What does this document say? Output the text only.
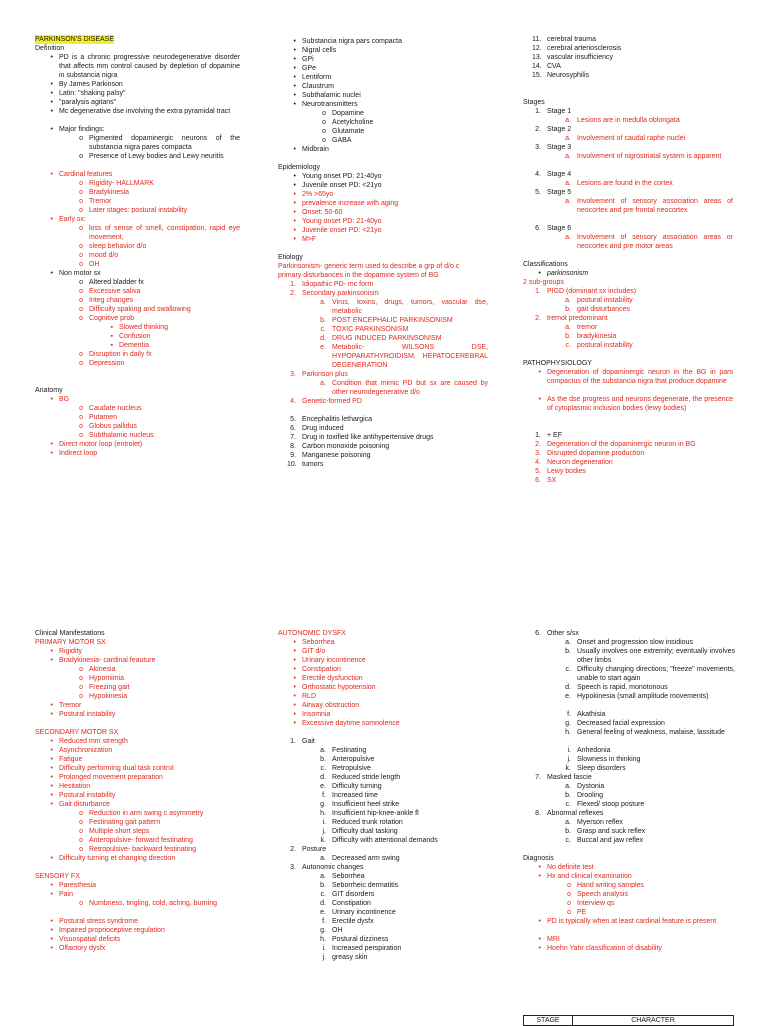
PARKINSON'S DISEASE
Definition
• PD is a chronic progressive neurodegenerative disorder that affects mm control caused by depletion of dopamine in substancia nigra
• By James Parkinson
• Latin: "shaking palsy"
• "paralysis agitans"
• Mc degenerative dse involving the extra pyramidal tract
• Major findings:
o Pigmented dopaminergic neurons of the substancia nigra pares compacta
o Presence of Lewy bodies and Lewy neuritis
• Cardinal features
o Rigidity- HALLMARK
o Bradykinesia
o Tremor
o Later stages: postural instability
• Early sx:
o loss of sense of smell, constipation, rapid eye movement,
o sleep behavior d/o
o mood d/o
o OH
• Non motor sx
o Altered bladder fx
o Excessive saliva
o Integ changes
o Difficulty spaking and swallowing
o Cognitive prob
▪ Slowed thinking
▪ Confusion
▪ Dementia
o Disruption in daily fx
o Depression
Anatomy
• BG
o Caudate nucleus
o Putamen
o Globus pallidus
o Subthalamic nucleus
• Direct motor loop (entrolet)
• Indirect loop
• Substancia nigra pars compacta
• Nigral cells
• GPi
• GPe
• Lentiform
• Claustrum
• Subthalamic nuclei
• Neurotransmitters
o Dopamine
o Acetylcholine
o Glutamate
o GABA
• Midbrain
Epidemiology
• Young onset PD: 21-40yo
• Juvenile onset PD: <21yo
• 2% >65yo
• prevalence increase with aging
• Onset: 50-60
• Young onset PD: 21-40yo
• Juvenile onset PD: <21yo
• M>F
Etiology
Parkinsonism- generic term used to describe a grp of d/o c
primary disturbances in the dopamine system of BG
1. Idiopathic PD- mc form
2. Secondary parkinsonism
a. Virus, toxins, drugs, tumors, vascular dse, metabolic
b. POST ENCEPHALIC PARKINSONISM
c. TOXIC PARKINSONISM
d. DRUG INDUCED PARKINSONISM
e. Metabolic- WILSONS DSE, HYPOPARATHYROIDISM, HEPATOCEREBRAL DEGENERATION
3. Parkinson plus
a. Condition that mimic PD but sx are caused by other neurodegenerative d/o
4. Genetic-formed PD
5. Encephalitis lethargica
6. Drug induced
7. Drug in toxified like antihypertensive drugs
8. Carbon monoxide poisoning
9. Manganese poisoning
10. tumors
11. cerebral trauma
12. cerebral arteriosclerosis
13. vascular insufficiency
14. CVA
15. Neurosyphilis
Stages
1. Stage 1
a. Lesions are in medulla oblongata
2. Stage 2
a. Involvement of caudal raphe nuclei
3. Stage 3
a. Involvement of nigrostriatal system is apparent
4. Stage 4
a. Lesions are found in the cortex
5. Stage 5
a. Involvement of sensory association areas of neocortex and pre frontal neocortex
6. Stage 6
a. Involvement of sensory association areas or neocortex and pre motor areas
Classifications
• parkinsonism
2 sub-groups
1. PIGD (dominant sx includes)
a. postural instability
b. gait disturbances
2. tremot predominant
a. tremor
b. bradykinesia
c. postural instability
PATHOPHYSIOLOGY
• Degeneration of dopaminergic neuron in the BG in pars compactus of the substancia nigra that produce dopamine
• As the dse progress and neurons degenerate, the presence of cytoplasmic inclusion bodies (lewy bodies)
1. + EF
2. Degeneration of the dopaminergic neuron in BG
3. Disrupted dopamine production
4. Neuron degeneration
5. Lewy bodies
6. SX
Clinical Manifestations
PRIMARY MOTOR SX
• Rigidity
• Bradykinesia- cardinal feauture
o Akinesia
o Hypomimia
o Freezing gait
o Hypokinesia
• Tremor
• Postural instability
SECONDARY MOTOR SX
• Reduced mm strength
• Asynchronization
• Fatigue
• Difficulty performing dual task control
• Prolonged movement preparation
• Hesitation
• Postural instability
• Gait disturbance
o Reduction in arm swing c asymmetry
o Festinating gait pattern
o Multiple short steps
o Anteropulsive- forward festinating
o Retropulsive- backward festinating
• Difficulty turning et changing direction
SENSORY FX
• Paresthesia
• Pain
o Numbness, tingling, cold, aching, burning
• Postural stress syndrome
• Impaired proprioceptive regulation
• Visuospatial deficits
• Olfactory dysfx
AUTONOMIC DYSFX
• Seborrhea
• GIT d/o
• Urinary incontinence
• Constipation
• Erectile dysfunction
• Orthostatic hypotension
• RLD
• Airway obstruction
• Insomnia
• Excessive daytime somnolence
1. Gait
a. Festinating
b. Anteropulsive
c. Retropulsive
d. Reduced stride length
e. Difficulty turning
f. Increased time
g. Insufficient heel strike
h. Insufficient hip-knee-ankle fl
i. Reduced trunk rotation
j. Difficulty dual tasking
k. Difficulty with attentional demands
2. Posture
a. Decreased arm swing
3. Autonomic changes
a. Seborrhea
b. Seborrheic dermatitis
c. GIT disorders
d. Constipation
e. Urinary incontinence
f. Erectile dysfx
g. OH
h. Postural dizziness
i. Increased perspiration
j. greasy skin
6. Other s/sx
a. Onset and progression slow insidious
b. Usually involves one extremity; eventually involves other limbs
c. Difficulty changing directions; "freeze" movements, unable to start again
d. Speech is rapid, monotonous
e. Hypokinesia (small amplitude movements)
f. Akathisia
g. Decreased facial expression
h. General feeling of weakness, malaise, lassitude
i. Anhedonia
j. Slowness in thinking
k. Sleep disorders
7. Masked fascie
a. Dystonia
b. Drooling
c. Flexed/ stoop posture
8. Abnormal reflexes
a. Myerson reflex
b. Grasp and suck reflex
c. Buccal and jaw reflex
Diagnosis
• No definite test
• Hx and clinical examination
o Hand writing samples
o Speech analysis
o Interview qs
o PE
• PD is typically when at least cardinal feature is present
• MRI
• Hoehn Yahr classification of disability
STAGE	CHARACTER
